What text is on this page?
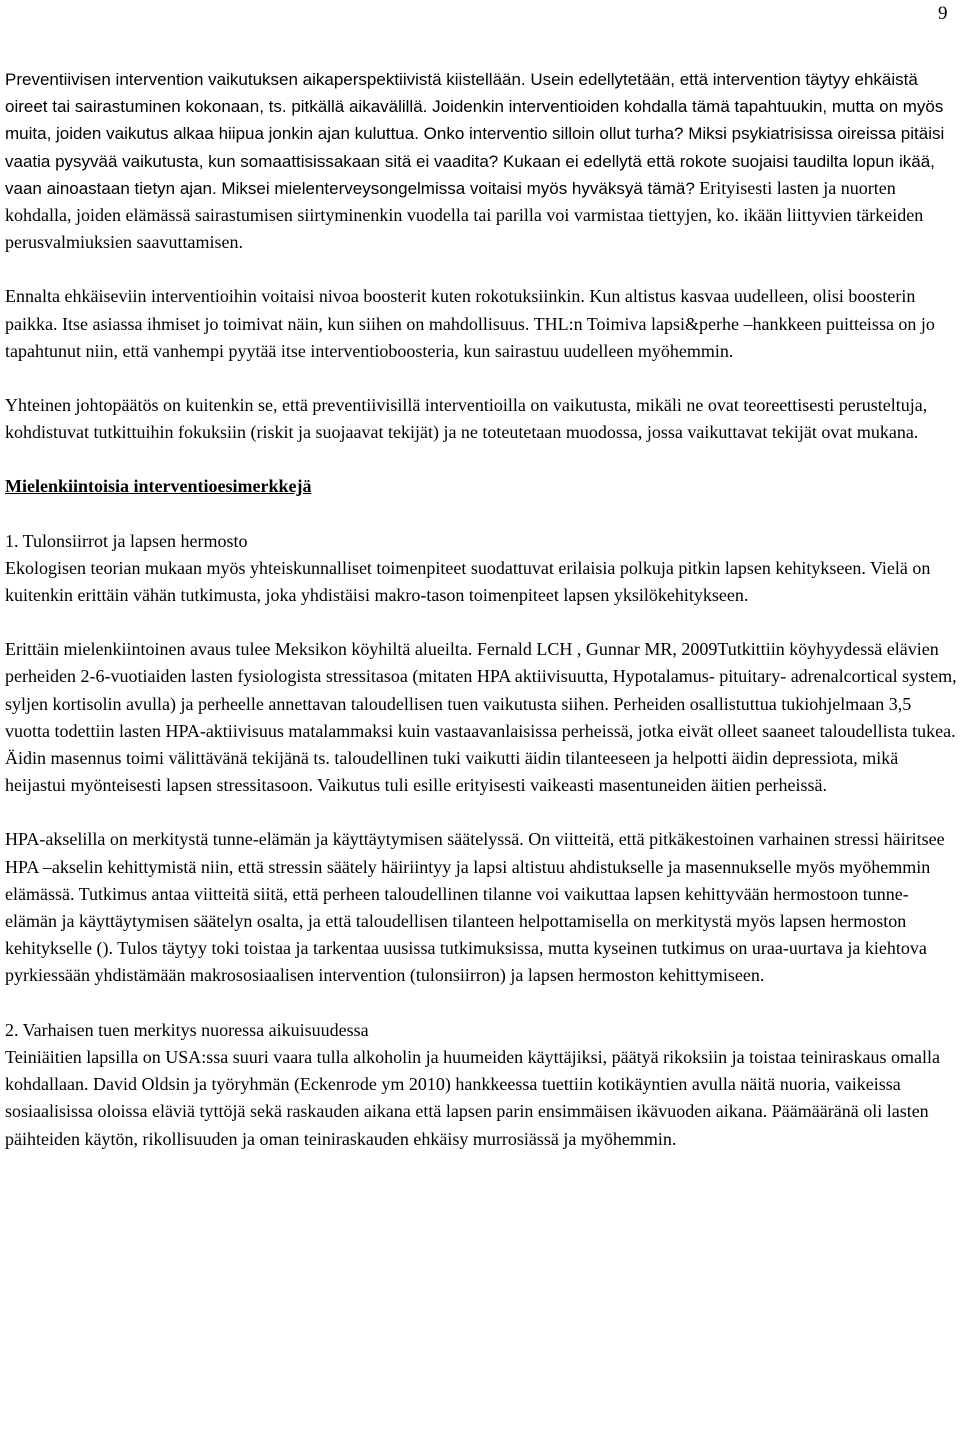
9

Preventiivisen intervention vaikutuksen aikaperspektiivistä kiistellään. Usein edellytetään, että intervention täytyy ehkäistä oireet tai sairastuminen kokonaan, ts. pitkällä aikavälillä. Joidenkin interventioiden kohdalla tämä tapahtuukin, mutta on myös muita, joiden vaikutus alkaa hiipua jonkin ajan kuluttua. Onko interventio silloin ollut turha? Miksi psykiatrisissa oireissa pitäisi vaatia pysyvää vaikutusta, kun somaattisissakaan sitä ei vaadita? Kukaan ei edellytä että rokote suojaisi taudilta lopun ikää, vaan ainoastaan tietyn ajan. Miksei mielenterveysongelmissa voitaisi myös hyväksyä tämä? Erityisesti lasten ja nuorten kohdalla, joiden elämässä sairastumisen siirtyminenkin vuodella tai parilla voi varmistaa tiettyjen, ko. ikään liittyvien tärkeiden perusvalmiuksien saavuttamisen.

Ennalta ehkäiseviin interventioihin voitaisi nivoa boosterit kuten rokotuksiinkin. Kun altistus kasvaa uudelleen, olisi boosterin paikka. Itse asiassa ihmiset jo toimivat näin, kun siihen on mahdollisuus. THL:n Toimiva lapsi&perhe –hankkeen puitteissa on jo tapahtunut niin, että vanhempi pyytää itse interventioboosteria, kun sairastuu uudelleen myöhemmin.

Yhteinen johtopäätös on kuitenkin se, että preventiivisillä interventioilla on vaikutusta, mikäli ne ovat teoreettisesti perusteltuja, kohdistuvat tutkittuihin fokuksiin (riskit ja suojaavat tekijät) ja ne toteutetaan muodossa, jossa vaikuttavat tekijät ovat mukana.

Mielenkiintoisia interventioesimerkkejä

1. Tulonsiirrot ja lapsen hermosto

Ekologisen teorian mukaan myös yhteiskunnalliset toimenpiteet suodattuvat erilaisia polkuja pitkin lapsen kehitykseen. Vielä on kuitenkin erittäin vähän tutkimusta, joka yhdistäisi makro-tason toimenpiteet lapsen yksilökehitykseen.

Erittäin mielenkiintoinen avaus tulee Meksikon köyhiltä alueilta. Fernald LCH , Gunnar MR, 2009Tutkittiin köyhyydessä elävien perheiden 2-6-vuotiaiden lasten fysiologista stressitasoa (mitaten HPA aktiivisuutta, Hypotalamus- pituitary- adrenalcortical system, syljen kortisolin avulla) ja perheelle annettavan taloudellisen tuen vaikutusta siihen. Perheiden osallistuttua tukiohjelmaan 3,5 vuotta todettiin lasten HPA-aktiivisuus matalammaksi kuin vastaavanlaisissa perheissä, jotka eivät olleet saaneet taloudellista tukea. Äidin masennus toimi välittävänä tekijänä ts. taloudellinen tuki vaikutti äidin tilanteeseen ja helpotti äidin depressiota, mikä heijastui myönteisesti lapsen stressitasoon. Vaikutus tuli esille erityisesti vaikeasti masentuneiden äitien perheissä.

HPA-akselilla on merkitystä tunne-elämän ja käyttäytymisen säätelyssä. On viitteitä, että pitkäkestoinen varhainen stressi häiritsee HPA –akselin kehittymistä niin, että stressin säätely häiriintyy ja lapsi altistuu ahdistukselle ja masennukselle myös myöhemmin elämässä. Tutkimus antaa viitteitä siitä, että perheen taloudellinen tilanne voi vaikuttaa lapsen kehittyvään hermostoon tunne- elämän ja käyttäytymisen säätelyn osalta, ja että taloudellisen tilanteen helpottamisella on merkitystä myös lapsen hermoston kehitykselle (). Tulos täytyy toki toistaa ja tarkentaa uusissa tutkimuksissa, mutta kyseinen tutkimus on uraa-uurtava ja kiehtova pyrkiessään yhdistämään makrososiaalisen intervention (tulonsiirron) ja lapsen hermoston kehittymiseen.

2. Varhaisen tuen merkitys nuoressa aikuisuudessa

Teiniäitien lapsilla on USA:ssa suuri vaara tulla alkoholin ja huumeiden käyttäjiksi, päätyä rikoksiin ja toistaa teiniraskaus omalla kohdallaan. David Oldsin ja työryhmän (Eckenrode ym 2010) hankkeessa tuettiin kotikäyntien avulla näitä nuoria, vaikeissa sosiaalisissa oloissa eläviä tyttöjä sekä raskauden aikana että lapsen parin ensimmäisen ikävuoden aikana. Päämääränä oli lasten päihteiden käytön, rikollisuuden ja oman teiniraskauden ehkäisy murrosiässä ja myöhemmin.
